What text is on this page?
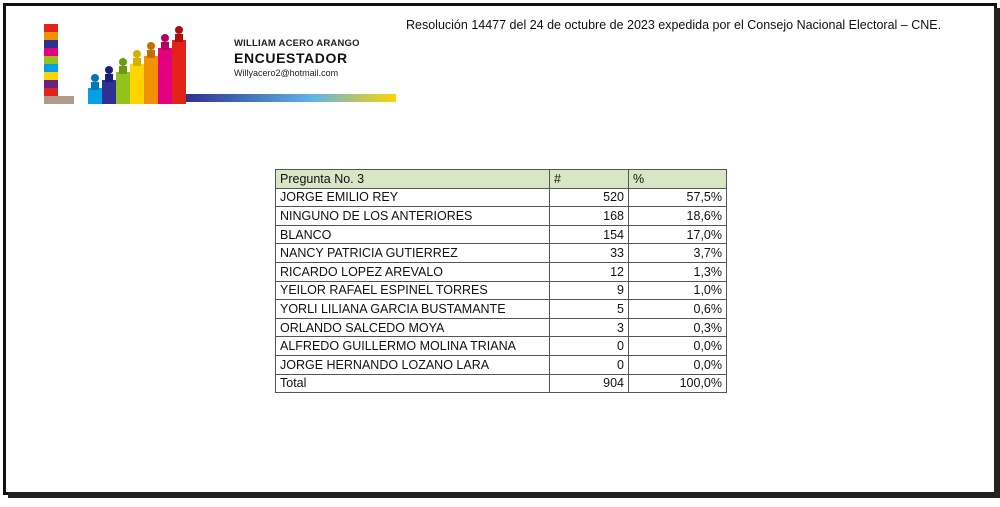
Resolución 14477 del 24 de octubre de 2023 expedida por el Consejo Nacional Electoral – CNE.
WILLIAM ACERO ARANGO
ENCUESTADOR
Willyacero2@hotmail.com
Pregunta No. 3	#	%
JORGE EMILIO REY	520	57,5%
NINGUNO DE LOS ANTERIORES	168	18,6%
BLANCO	154	17,0%
NANCY PATRICIA GUTIERREZ	33	3,7%
RICARDO LOPEZ AREVALO	12	1,3%
YEILOR RAFAEL ESPINEL TORRES	9	1,0%
YORLI LILIANA GARCIA BUSTAMANTE	5	0,6%
ORLANDO SALCEDO MOYA	3	0,3%
ALFREDO GUILLERMO MOLINA TRIANA	0	0,0%
JORGE HERNANDO LOZANO LARA	0	0,0%
Total	904	100,0%
